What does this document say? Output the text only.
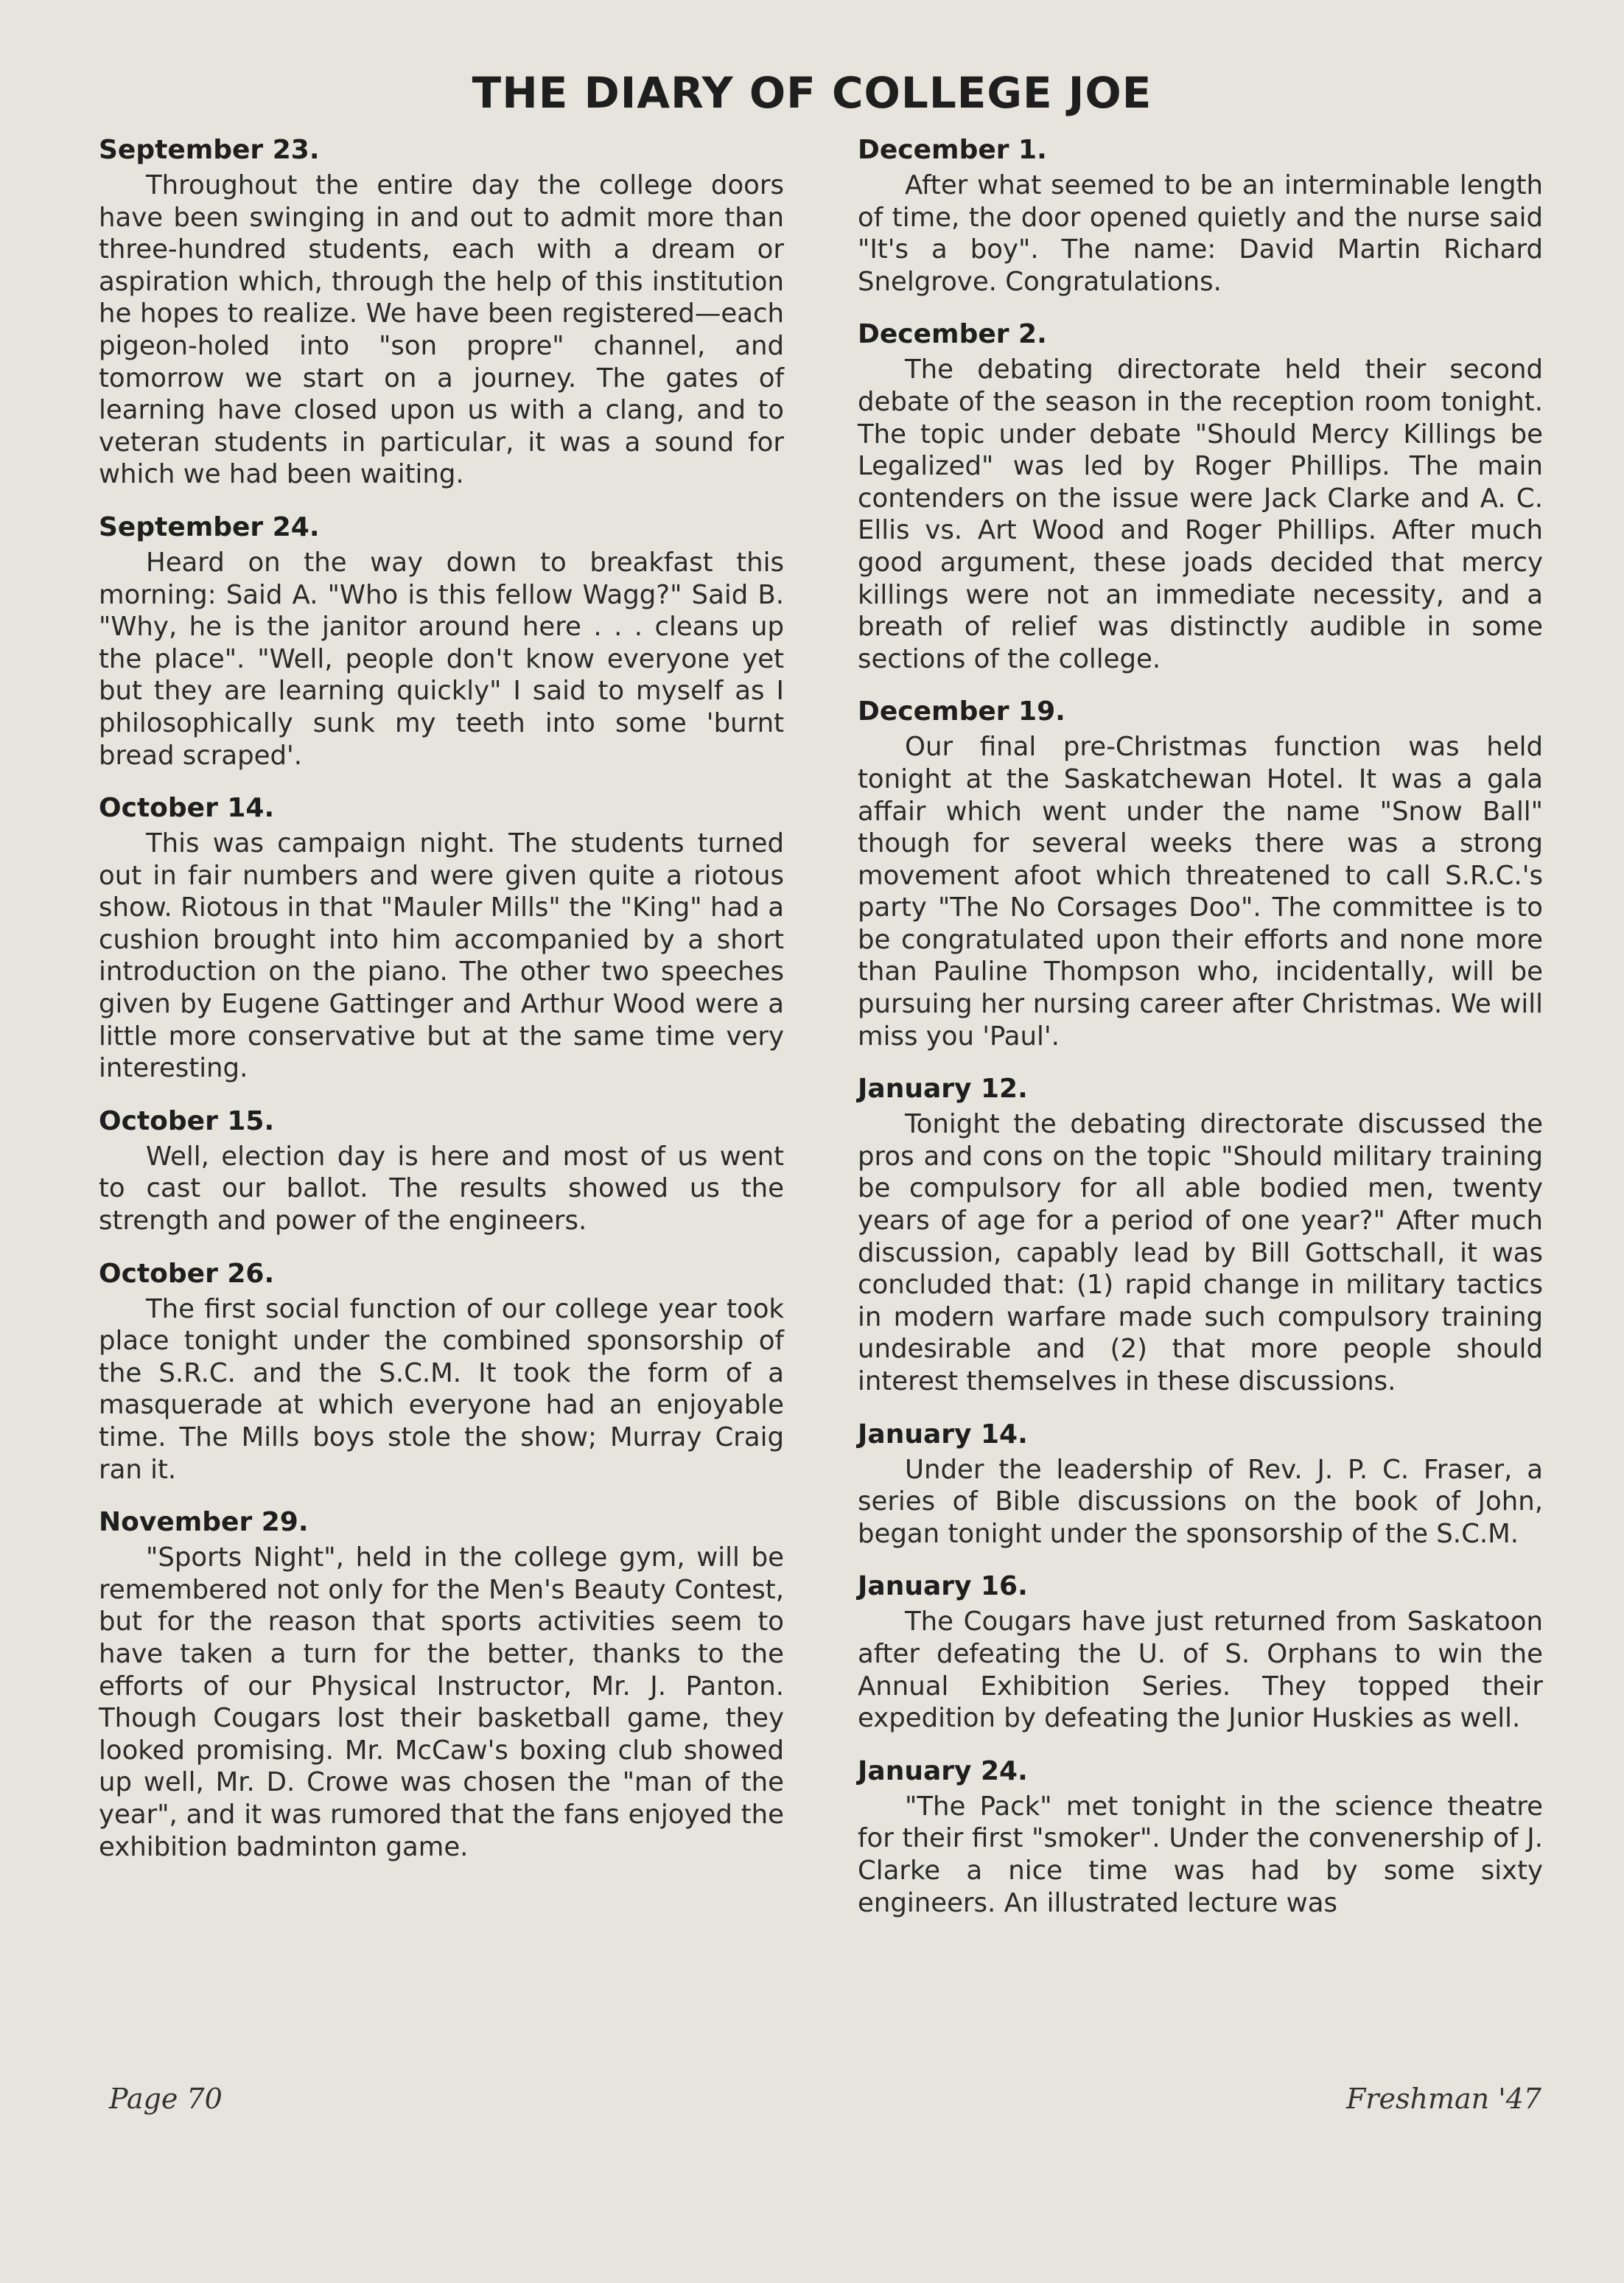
THE DIARY OF COLLEGE JOE
September 23.

Throughout the entire day the college doors have been swinging in and out to admit more than three-hundred students, each with a dream or aspiration which, through the help of this institution he hopes to realize. We have been registered—each pigeon-holed into "son propre" channel, and tomorrow we start on a journey. The gates of learning have closed upon us with a clang, and to veteran students in particular, it was a sound for which we had been waiting.

September 24.

Heard on the way down to breakfast this morning: Said A. "Who is this fellow Wagg?" Said B. "Why, he is the janitor around here . . . cleans up the place". "Well, people don't know everyone yet but they are learning quickly" I said to myself as I philosophically sunk my teeth into some 'burnt bread scraped'.

October 14.

This was campaign night. The students turned out in fair numbers and were given quite a riotous show. Riotous in that "Mauler Mills" the "King" had a cushion brought into him accompanied by a short introduction on the piano. The other two speeches given by Eugene Gattinger and Arthur Wood were a little more conservative but at the same time very interesting.

October 15.

Well, election day is here and most of us went to cast our ballot. The results showed us the strength and power of the engineers.

October 26.

The first social function of our college year took place tonight under the combined sponsorship of the S.R.C. and the S.C.M. It took the form of a masquerade at which everyone had an enjoyable time. The Mills boys stole the show; Murray Craig ran it.

November 29.

"Sports Night", held in the college gym, will be remembered not only for the Men's Beauty Contest, but for the reason that sports activities seem to have taken a turn for the better, thanks to the efforts of our Physical Instructor, Mr. J. Panton. Though Cougars lost their basketball game, they looked promising. Mr. McCaw's boxing club showed up well, Mr. D. Crowe was chosen the "man of the year", and it was rumored that the fans enjoyed the exhibition badminton game.

December 1.

After what seemed to be an interminable length of time, the door opened quietly and the nurse said "It's a boy". The name: David Martin Richard Snelgrove. Congratulations.

December 2.

The debating directorate held their second debate of the season in the reception room tonight. The topic under debate "Should Mercy Killings be Legalized" was led by Roger Phillips. The main contenders on the issue were Jack Clarke and A. C. Ellis vs. Art Wood and Roger Phillips. After much good argument, these joads decided that mercy killings were not an immediate necessity, and a breath of relief was distinctly audible in some sections of the college.

December 19.

Our final pre-Christmas function was held tonight at the Saskatchewan Hotel. It was a gala affair which went under the name "Snow Ball" though for several weeks there was a strong movement afoot which threatened to call S.R.C.'s party "The No Corsages Doo". The committee is to be congratulated upon their efforts and none more than Pauline Thompson who, incidentally, will be pursuing her nursing career after Christmas. We will miss you 'Paul'.

January 12.

Tonight the debating directorate discussed the pros and cons on the topic "Should military training be compulsory for all able bodied men, twenty years of age for a period of one year?" After much discussion, capably lead by Bill Gottschall, it was concluded that: (1) rapid change in military tactics in modern warfare made such compulsory training undesirable and (2) that more people should interest themselves in these discussions.

January 14.

Under the leadership of Rev. J. P. C. Fraser, a series of Bible discussions on the book of John, began tonight under the sponsorship of the S.C.M.

January 16.

The Cougars have just returned from Saskatoon after defeating the U. of S. Orphans to win the Annual Exhibition Series. They topped their expedition by defeating the Junior Huskies as well.

January 24.

"The Pack" met tonight in the science theatre for their first "smoker". Under the convenership of J. Clarke a nice time was had by some sixty engineers. An illustrated lecture was

Page 70	Freshman '47
